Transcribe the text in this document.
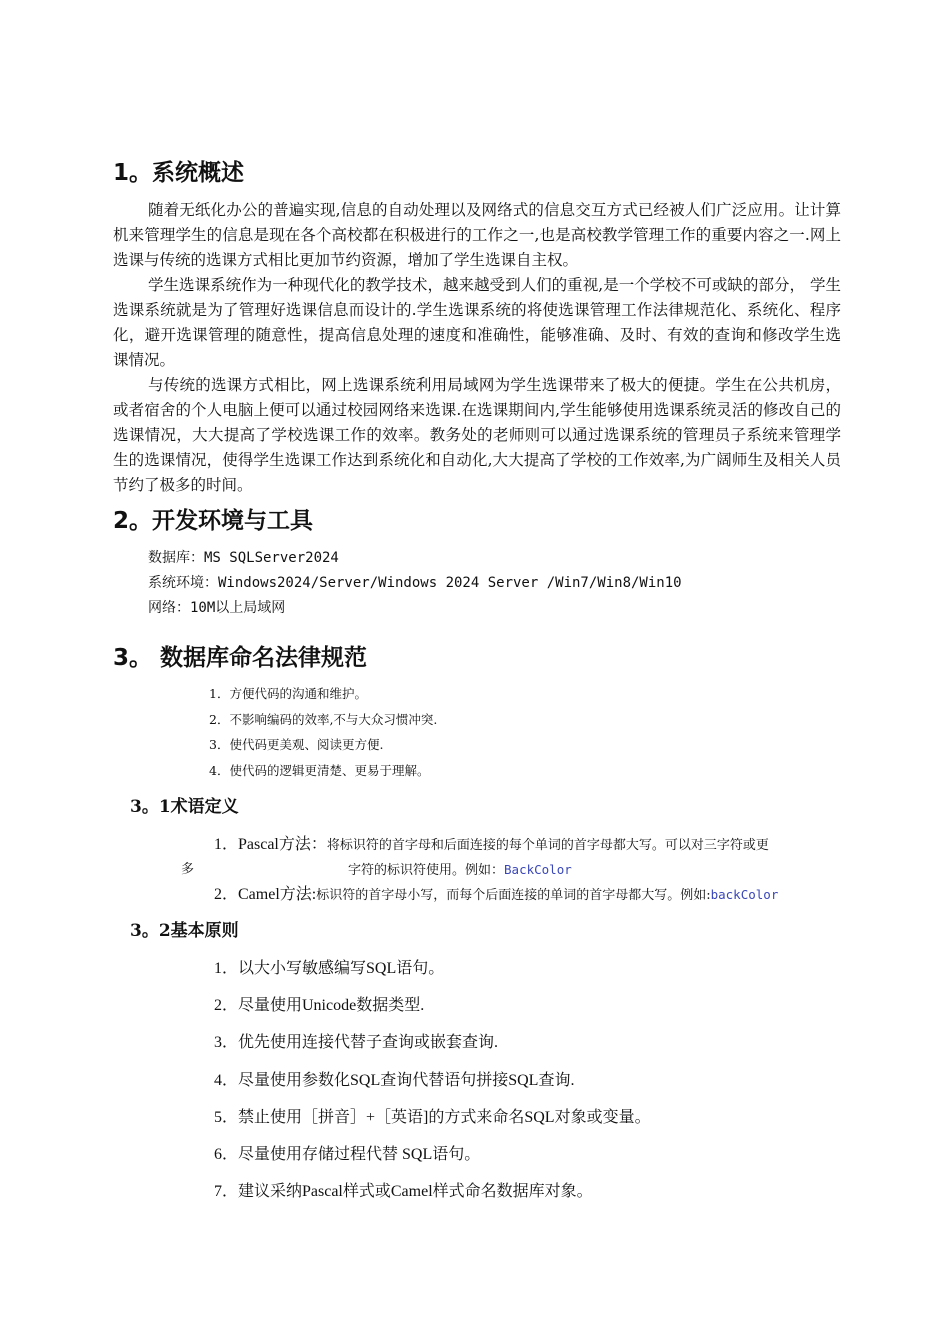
1。系统概述

随着无纸化办公的普遍实现,信息的自动处理以及网络式的信息交互方式已经被人们广泛应用。让计算机来管理学生的信息是现在各个高校都在积极进行的工作之一,也是高校教学管理工作的重要内容之一.网上选课与传统的选课方式相比更加节约资源，增加了学生选课自主权。

学生选课系统作为一种现代化的教学技术，越来越受到人们的重视,是一个学校不可或缺的部分， 学生选课系统就是为了管理好选课信息而设计的.学生选课系统的将使选课管理工作法律规范化、系统化、程序化，避开选课管理的随意性，提高信息处理的速度和准确性，能够准确、及时、有效的查询和修改学生选课情况。

与传统的选课方式相比，网上选课系统利用局域网为学生选课带来了极大的便捷。学生在公共机房，或者宿舍的个人电脑上便可以通过校园网络来选课.在选课期间内,学生能够使用选课系统灵活的修改自己的选课情况，大大提高了学校选课工作的效率。教务处的老师则可以通过选课系统的管理员子系统来管理学生的选课情况，使得学生选课工作达到系统化和自动化,大大提高了学校的工作效率,为广阔师生及相关人员节约了极多的时间。

2。开发环境与工具

数据库：MS SQLServer2024

系统环境：Windows2024/Server/Windows 2024 Server /Win7/Win8/Win10

网络：10M以上局域网

3。 数据库命名法律规范
1．方便代码的沟通和维护。
2．不影响编码的效率,不与大众习惯冲突.
3．使代码更美观、阅读更方便.
4．使代码的逻辑更清楚、更易于理解。
3。1术语定义

1．Pascal方法：将标识符的首字母和后面连接的每个单词的首字母都大写。可以对三字符或更

多	字符的标识符使用。例如：BackColor

2．Camel方法:标识符的首字母小写，而每个后面连接的单词的首字母都大写。例如:backColor

3。2基本原则
1．以大小写敏感编写SQL语句。
2．尽量使用Unicode数据类型.
3．优先使用连接代替子查询或嵌套查询.
4．尽量使用参数化SQL查询代替语句拼接SQL查询.
5．禁止使用［拼音］+［英语]的方式来命名SQL对象或变量。
6．尽量使用存储过程代替 SQL语句。
7．建议采纳Pascal样式或Camel样式命名数据库对象。
